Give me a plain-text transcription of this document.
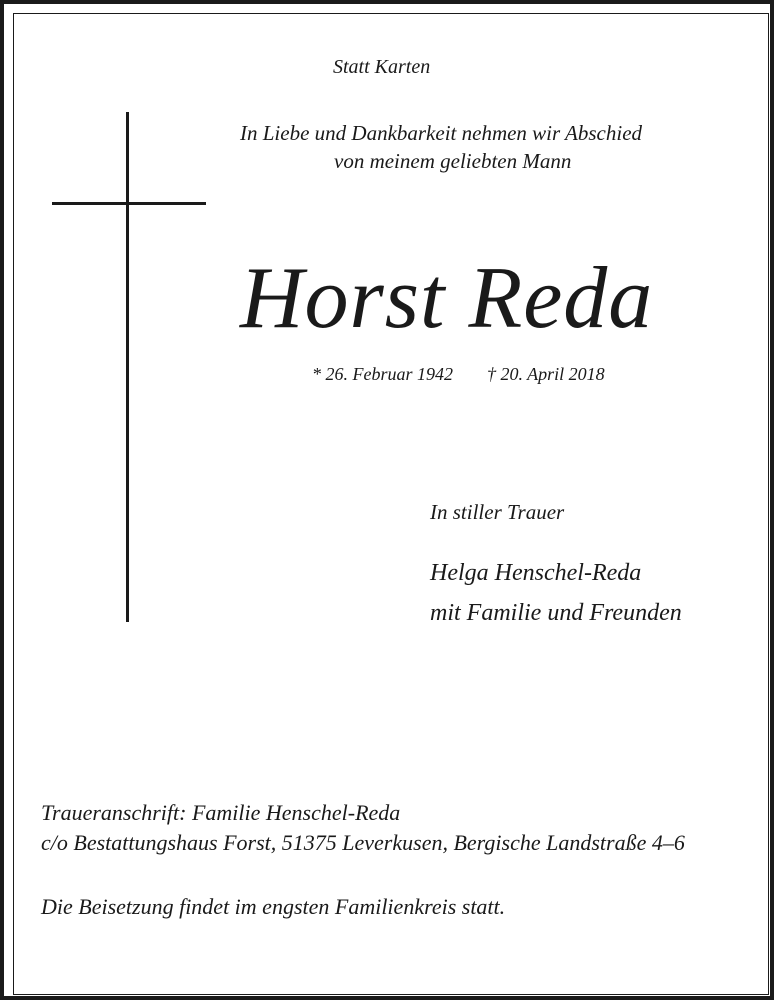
Statt Karten
In Liebe und Dankbarkeit nehmen wir Abschied
von meinem geliebten Mann
Horst Reda
* 26. Februar 1942 † 20. April 2018
In stiller Trauer
Helga Henschel-Reda
mit Familie und Freunden
Traueranschrift: Familie Henschel-Reda
c/o Bestattungshaus Forst, 51375 Leverkusen, Bergische Landstraße 4–6
Die Beisetzung findet im engsten Familienkreis statt.
